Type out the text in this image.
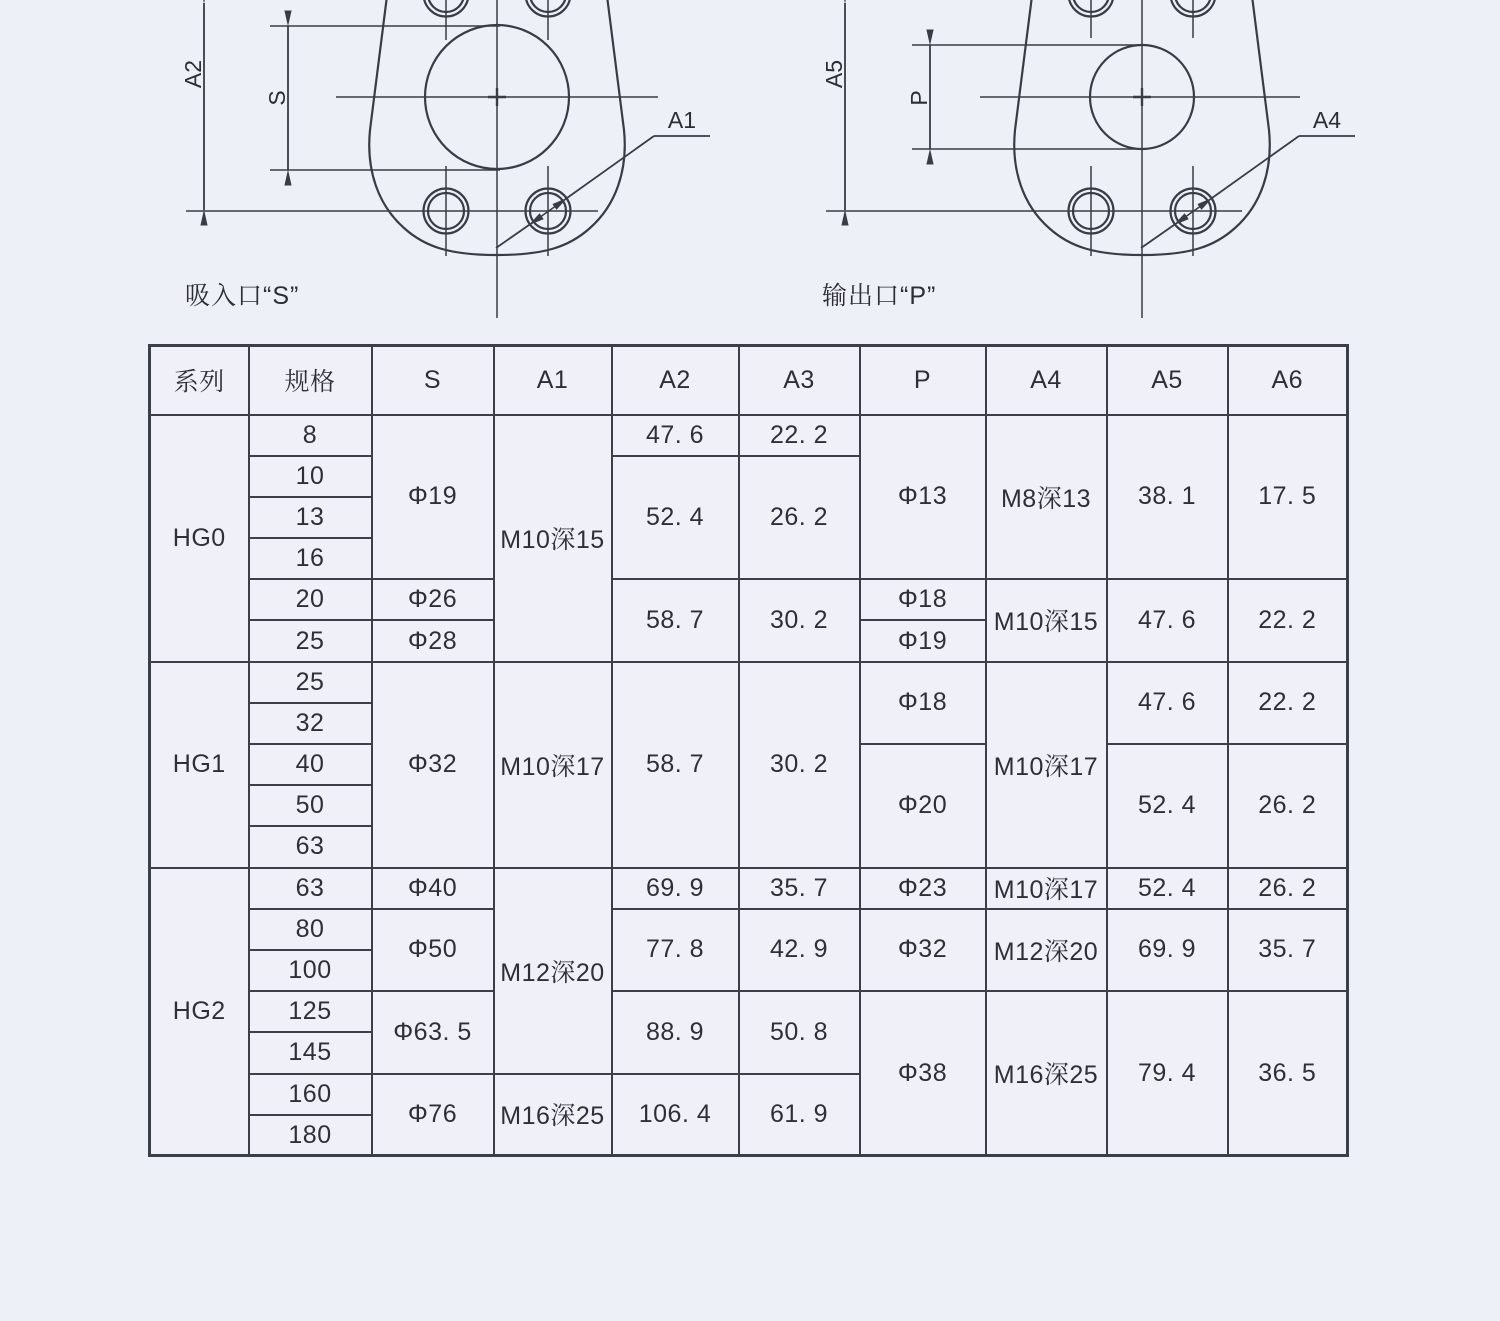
A2
S
A1
A5
P
A4
吸入口“S”	输出口“P”
系列	规格	S	A1	A2	A3	P	A4	A5	A6
HG0	8	Φ19	M10深15	47. 6	22. 2	Φ13	M8深13	38. 1	17. 5
	10			52. 4	26. 2				
	13								
	16								
	20	Φ26		58. 7	30. 2	Φ18	M10深15	47. 6	22. 2
	25	Φ28				Φ19			
HG1	25	Φ32	M10深17	58. 7	30. 2	Φ18	M10深17	47. 6	22. 2
	32								
	40					Φ20		52. 4	26. 2
	50								
	63								
HG2	63	Φ40	M12深20	69. 9	35. 7	Φ23	M10深17	52. 4	26. 2
	80	Φ50		77. 8	42. 9	Φ32	M12深20	69. 9	35. 7
	100								
	125	Φ63. 5		88. 9	50. 8	Φ38	M16深25	79. 4	36. 5
	145								
	160	Φ76	M16深25	106. 4	61. 9				
	180								
